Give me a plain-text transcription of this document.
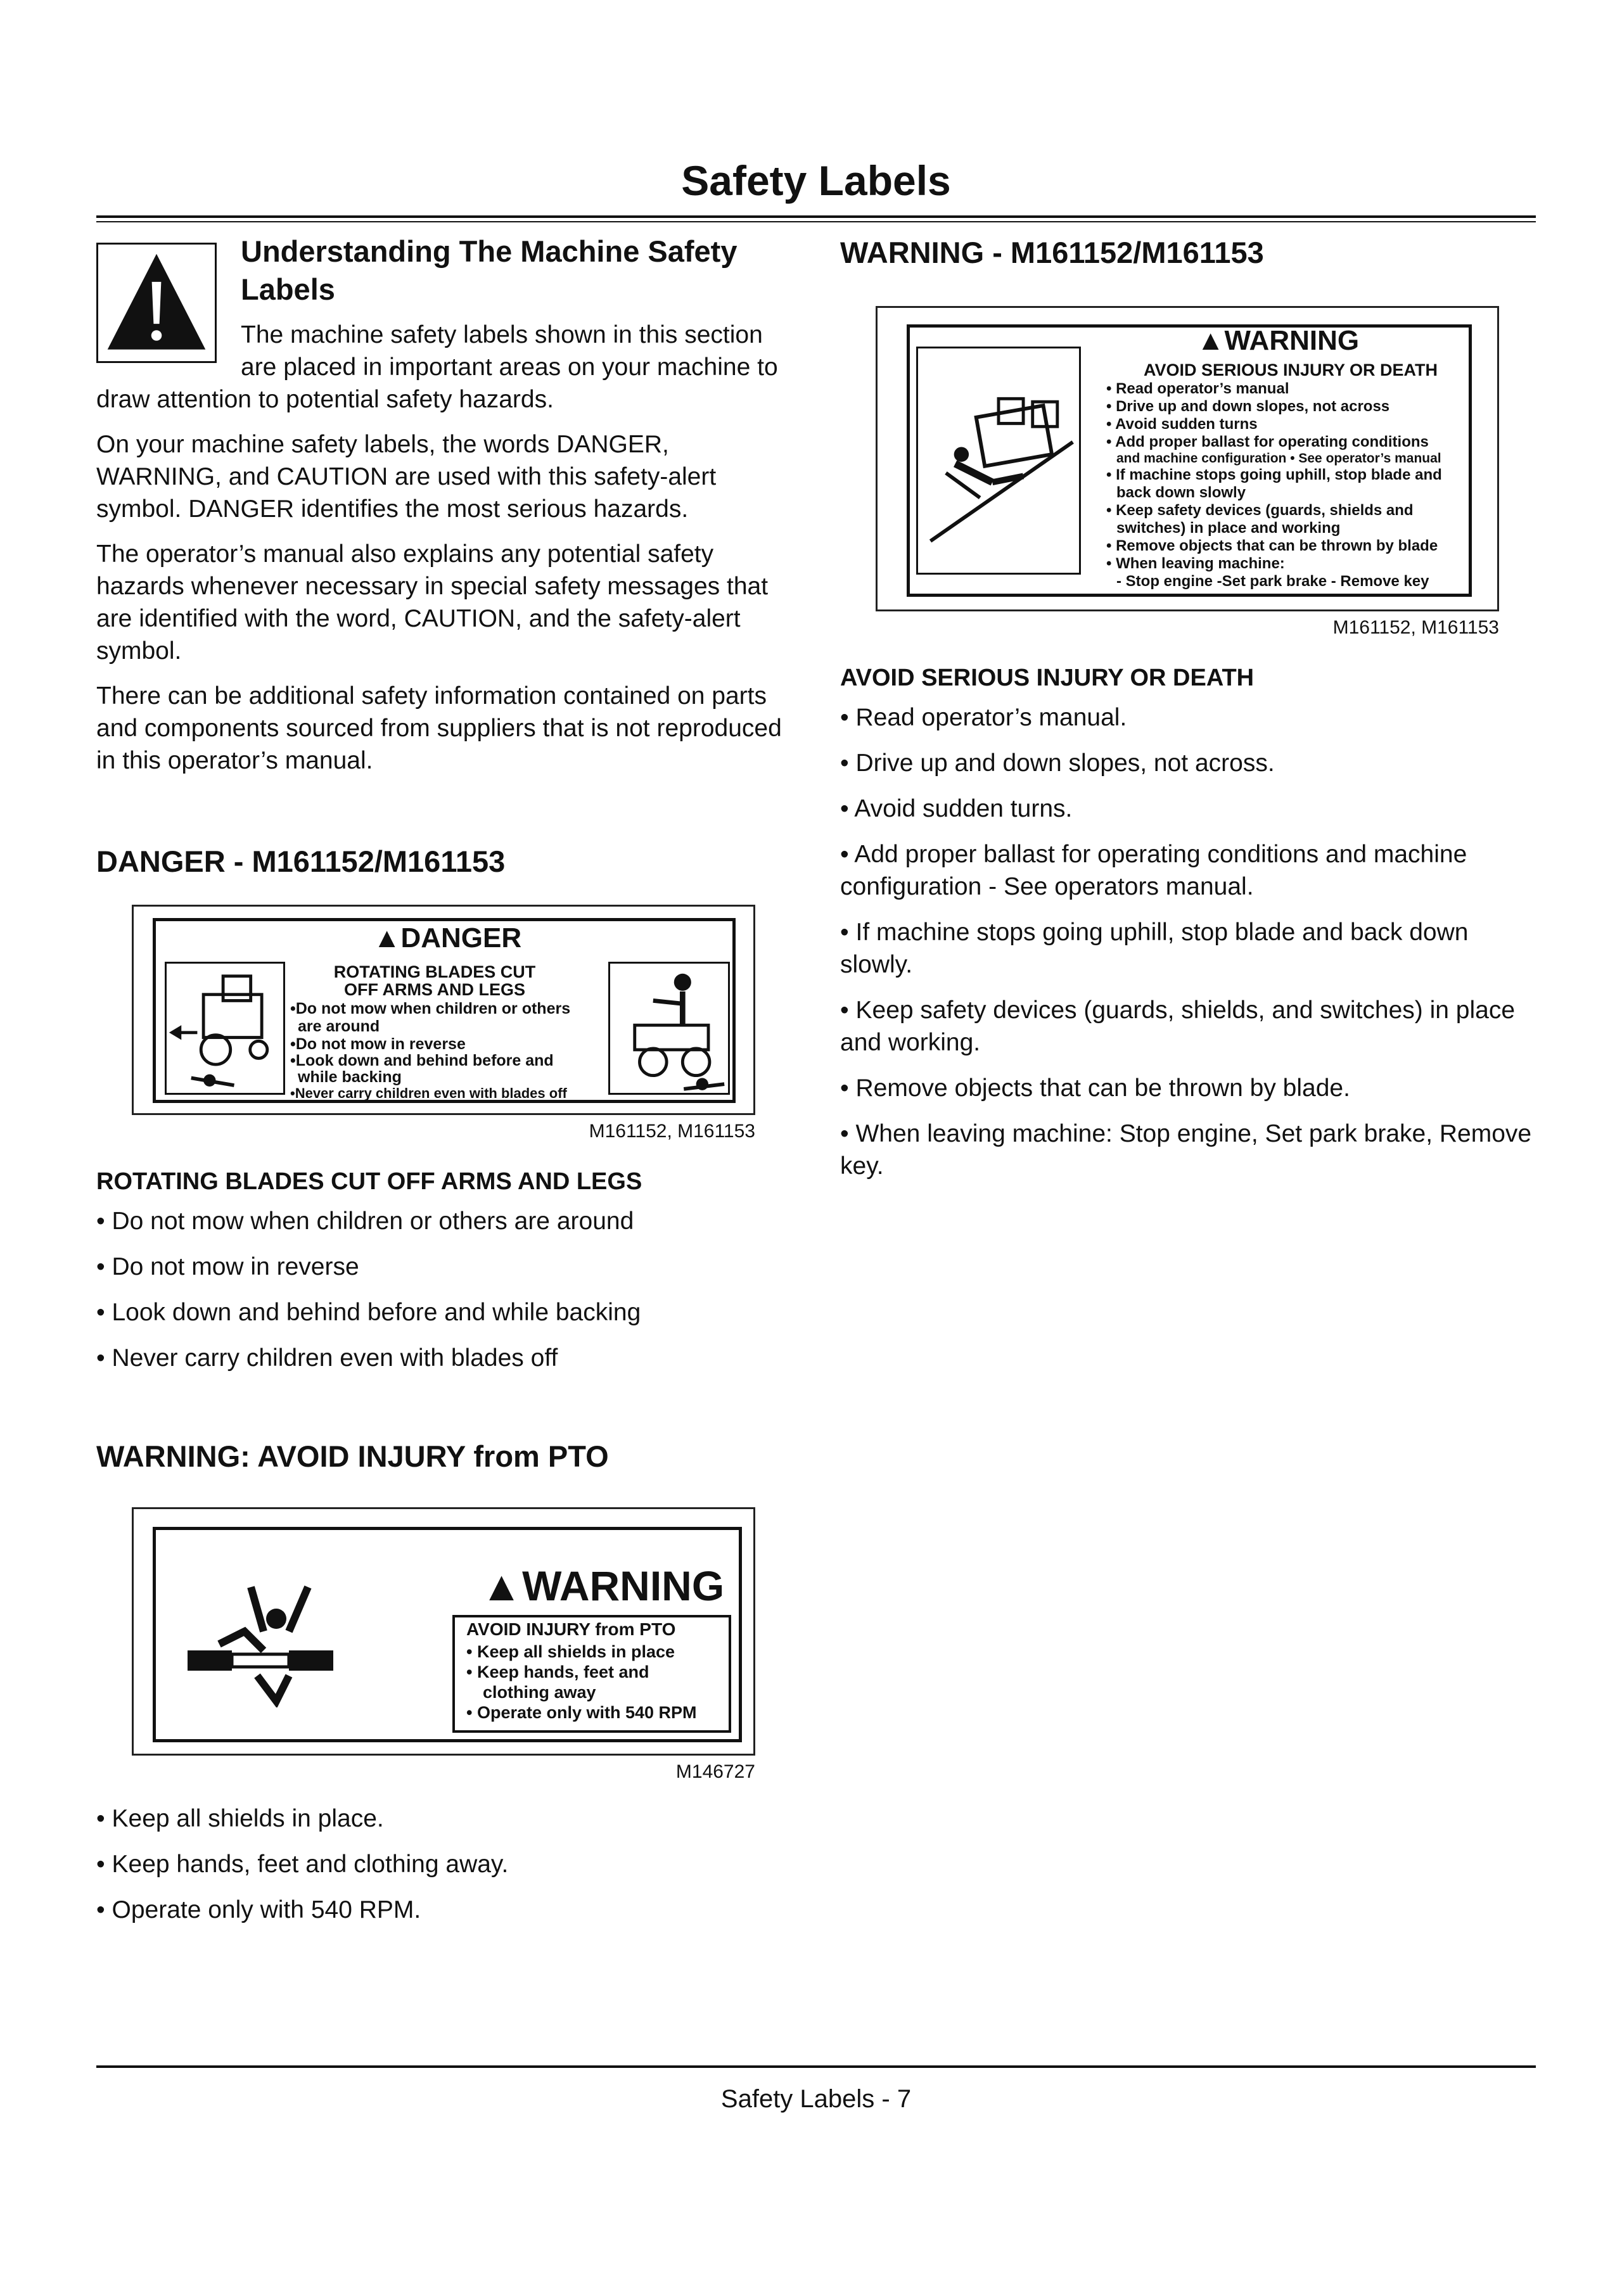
Safety Labels
Understanding The Machine Safety Labels

The machine safety labels shown in this section are placed in important areas on your machine to draw attention to potential safety hazards.

On your machine safety labels, the words DANGER, WARNING, and CAUTION are used with this safety-alert symbol. DANGER identifies the most serious hazards.

The operator’s manual also explains any potential safety hazards whenever necessary in special safety messages that are identified with the word, CAUTION, and the safety-alert symbol.

There can be additional safety information contained on parts and components sourced from suppliers that is not reproduced in this operator’s manual.

DANGER - M161152/M161153
▲DANGER
ROTATING BLADES CUT
OFF ARMS AND LEGS
•Do not mow when children or others
are around
•Do not mow in reverse
•Look down and behind before and
while backing
•Never carry children even with blades off
M161152, M161153
ROTATING BLADES CUT OFF ARMS AND LEGS
• Do not mow when children or others are around
• Do not mow in reverse
• Look down and behind before and while backing
• Never carry children even with blades off
WARNING: AVOID INJURY from PTO
▲WARNING
AVOID INJURY from PTO
• Keep all shields in place
• Keep hands, feet and
clothing away
• Operate only with 540 RPM
M146727
• Keep all shields in place.
• Keep hands, feet and clothing away.
• Operate only with 540 RPM.
WARNING - M161152/M161153
▲WARNING
AVOID SERIOUS INJURY OR DEATH
• Read operator’s manual
• Drive up and down slopes, not across
• Avoid sudden turns
• Add proper ballast for operating conditions
and machine configuration • See operator’s manual
• If machine stops going uphill, stop blade and
back down slowly
• Keep safety devices (guards, shields and
switches) in place and working
• Remove objects that can be thrown by blade
• When leaving machine:
- Stop engine -Set park brake - Remove key
M161152, M161153
AVOID SERIOUS INJURY OR DEATH
• Read operator’s manual.
• Drive up and down slopes, not across.
• Avoid sudden turns.
• Add proper ballast for operating conditions and machine configuration - See operators manual.
• If machine stops going uphill, stop blade and back down slowly.
• Keep safety devices (guards, shields, and switches) in place and working.
• Remove objects that can be thrown by blade.
• When leaving machine: Stop engine, Set park brake, Remove key.
Safety Labels - 7
